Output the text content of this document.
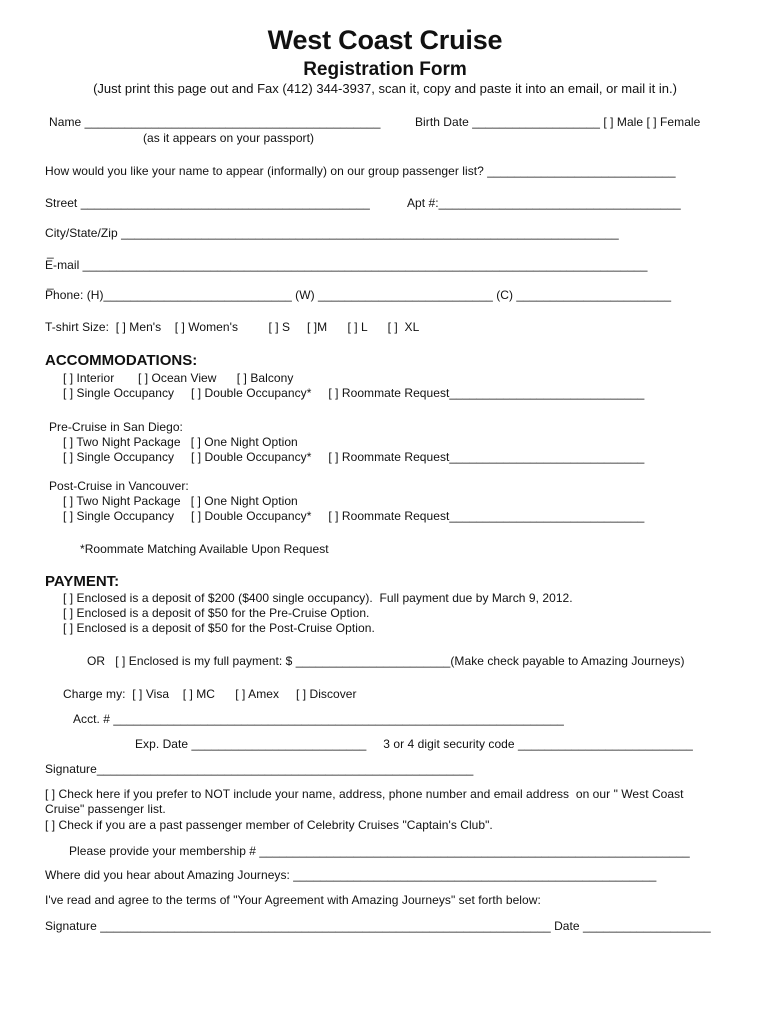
West Coast Cruise
Registration Form
(Just print this page out and Fax (412) 344-3937, scan it, copy and paste it into an email, or mail it in.)
Name ____________________________________________	Birth Date ___________________ [ ] Male [ ] Female
(as it appears on your passport)
How would you like your name to appear (informally) on our group passenger list? ____________________________
Street ___________________________________________	Apt #:____________________________________
City/State/Zip __________________________________________________________________________
_
E-mail ____________________________________________________________________________________
_
Phone: (H)____________________________ (W) __________________________ (C) _______________________
T-shirt Size:  [ ] Men's    [ ] Women's         [ ] S     [ ]M      [ ] L      [ ]  XL
ACCOMMODATIONS:
[ ] Interior       [ ] Ocean View      [ ] Balcony
[ ] Single Occupancy     [ ] Double Occupancy*     [ ] Roommate Request_____________________________
Pre-Cruise in San Diego:
[ ] Two Night Package   [ ] One Night Option
[ ] Single Occupancy     [ ] Double Occupancy*     [ ] Roommate Request_____________________________
Post-Cruise in Vancouver:
[ ] Two Night Package   [ ] One Night Option
[ ] Single Occupancy     [ ] Double Occupancy*     [ ] Roommate Request_____________________________
*Roommate Matching Available Upon Request
PAYMENT:
[ ] Enclosed is a deposit of $200 ($400 single occupancy).  Full payment due by March 9, 2012.
[ ] Enclosed is a deposit of $50 for the Pre-Cruise Option.
[ ] Enclosed is a deposit of $50 for the Post-Cruise Option.
OR   [ ] Enclosed is my full payment: $ _______________________(Make check payable to Amazing Journeys)
Charge my:  [ ] Visa    [ ] MC      [ ] Amex     [ ] Discover
Acct. # ___________________________________________________________________
Exp. Date __________________________     3 or 4 digit security code __________________________
Signature________________________________________________________
[ ] Check here if you prefer to NOT include your name, address, phone number and email address  on our " West Coast
Cruise" passenger list.
[ ] Check if you are a past passenger member of Celebrity Cruises "Captain's Club".
Please provide your membership # ________________________________________________________________
Where did you hear about Amazing Journeys: ______________________________________________________
I've read and agree to the terms of "Your Agreement with Amazing Journeys" set forth below:
Signature ___________________________________________________________________ Date ___________________
